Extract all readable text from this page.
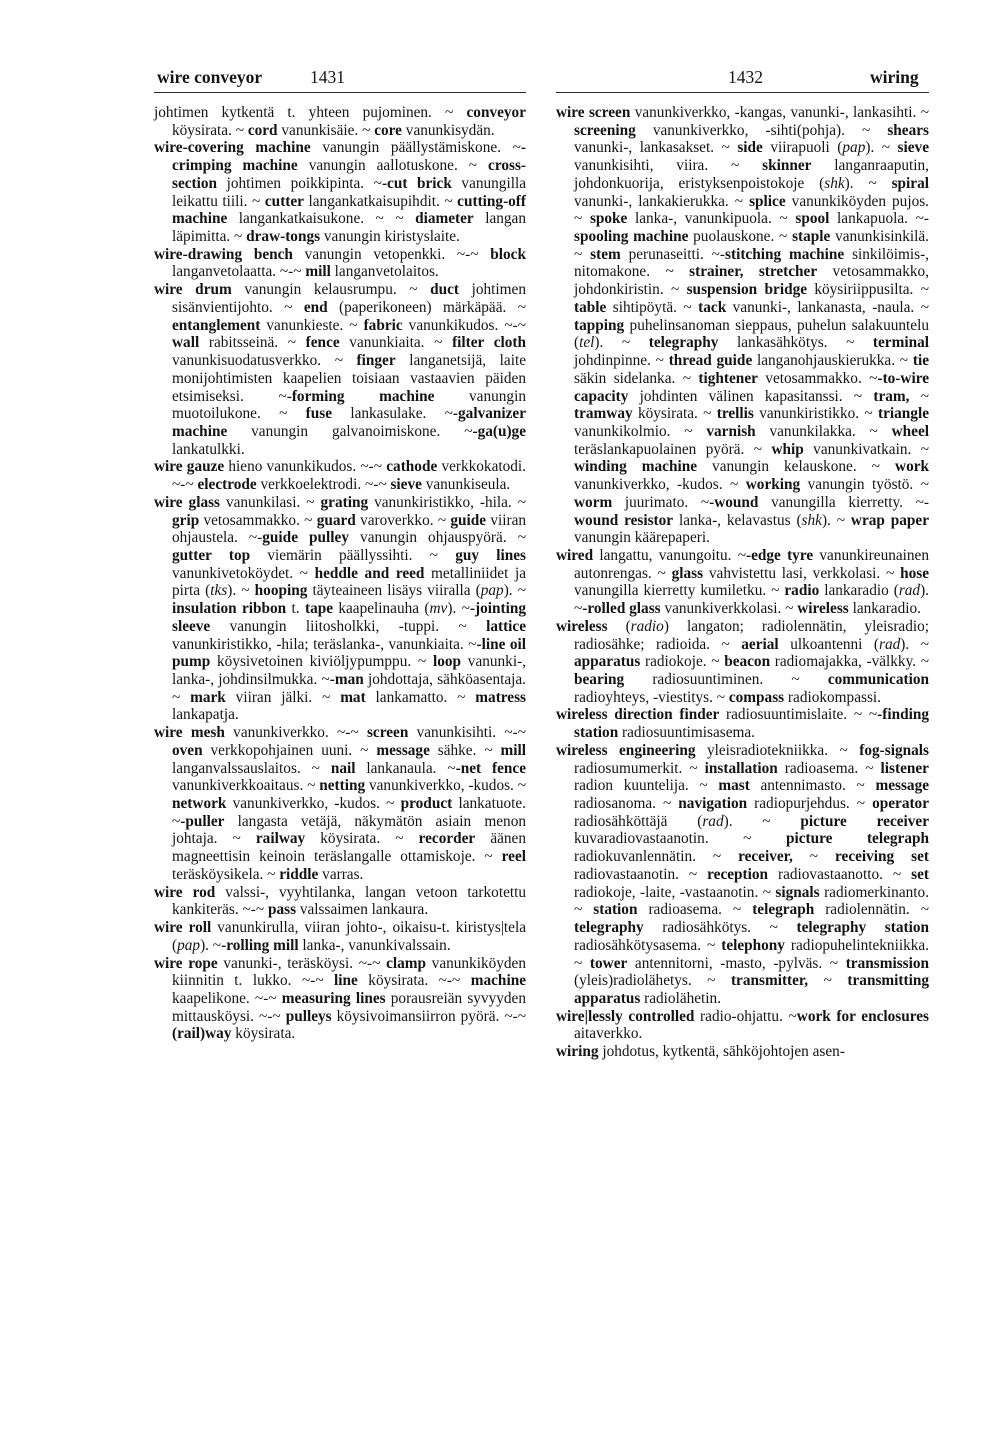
wire conveyor	1431	1432	wiring

johtimen kytkentä t. yhteen pujominen. ~ conveyor köysirata. ~ cord vanunkisäie. ~ core vanunkisydän.

wire-covering machine vanungin päällystämiskone. ~-crimping machine vanungin aallotuskone. ~ cross-section johtimen poikkipinta. ~-cut brick vanungilla leikattu tiili. ~ cutter langankatkaisupihdit. ~ cutting-off machine langankatkaisukone. ~ ~ diameter langan läpimitta. ~ draw-tongs vanungin kiristyslaite.

wire-drawing bench vanungin vetopenkki. ~-~ block langanvetolaatta. ~-~ mill langanvetolaitos.

wire drum vanungin kelausrumpu. ~ duct johtimen sisänvientijohto. ~ end (paperikoneen) märkäpää. ~ entanglement vanunkieste. ~ fabric vanunkikudos. ~-~ wall rabitsseinä. ~ fence vanunkiaita. ~ filter cloth vanunkisuodatusverkko. ~ finger langanetsijä, laite monijohtimisten kaapelien toisiaan vastaavien päiden etsimiseksi. ~-forming machine vanungin muotoilukone. ~ fuse lankasulake. ~-galvanizer machine vanungin galvanoimiskone. ~-ga(u)ge lankatulkki.

wire gauze hieno vanunkikudos. ~-~ cathode verkkokatodi. ~-~ electrode verkkoelektrodi. ~-~ sieve vanunkiseula.

wire glass vanunkilasi. ~ grating vanunkiristikko, -hila. ~ grip vetosammakko. ~ guard varoverkko. ~ guide viiran ohjaustela. ~-guide pulley vanungin ohjauspyörä. ~ gutter top viemärin päällyssihti. ~ guy lines vanunkivetoköydet. ~ heddle and reed metalliniidet ja pirta (tks). ~ hooping täyteaineen lisäys viiralla (pap). ~ insulation ribbon t. tape kaapelinauha (mv). ~-jointing sleeve vanungin liitosholkki, -tuppi. ~ lattice vanunkiristikko, -hila; teräslanka-, vanunkiaita. ~-line oil pump köysivetoinen kiviöljypumppu. ~ loop vanunki-, lanka-, johdinsilmukka. ~-man johdottaja, sähköasentaja. ~ mark viiran jälki. ~ mat lankamatto. ~ matress lankapatja.

wire mesh vanunkiverkko. ~-~ screen vanunkisihti. ~-~ oven verkkopohjainen uuni. ~ message sähke. ~ mill langanvalssauslaitos. ~ nail lankanaula. ~-net fence vanunkiverkkoaitaus. ~ netting vanunkiverkko, -kudos. ~ network vanunkiverkko, -kudos. ~ product lankatuote. ~-puller langasta vetäjä, näkymätön asiain menon johtaja. ~ railway köysirata. ~ recorder äänen magneettisin keinoin teräslangalle ottamiskoje. ~ reel teräsköysikela. ~ riddle varras.

wire rod valssi-, vyyhtilanka, langan vetoon tarkotettu kankiteräs. ~-~ pass valssaimen lankaura.

wire roll vanunkirulla, viiran johto-, oikaisu-t. kiristys|tela (pap). ~-rolling mill lanka-, vanunkivalssain.

wire rope vanunki-, teräsköysi. ~-~ clamp vanunkiköyden kiinnitin t. lukko. ~-~ line köysirata. ~-~ machine kaapelikone. ~-~ measuring lines porausreiän syvyyden mittausköysi. ~-~ pulleys köysivoimansiirron pyörä. ~-~ (rail)way köysirata.

wire screen vanunkiverkko, -kangas, vanunki-, lankasihti. ~ screening vanunkiverkko, -sihti(pohja). ~ shears vanunki-, lankasakset. ~ side viirapuoli (pap). ~ sieve vanunkisihti, viira. ~ skinner langanraaputin, johdonkuorija, eristyksenpoistokoje (shk). ~ spiral vanunki-, lankakierukka. ~ splice vanunkiköyden pujos. ~ spoke lanka-, vanunkipuola. ~ spool lankapuola. ~-spooling machine puolauskone. ~ staple vanunkisinkilä. ~ stem perunaseitti. ~-stitching machine sinkilöimis-, nitomakone. ~ strainer, stretcher vetosammakko, johdonkiristin. ~ suspension bridge köysiriippusilta. ~ table sihtipöytä. ~ tack vanunki-, lankanasta, -naula. ~ tapping puhelinsanoman sieppaus, puhelun salakuuntelu (tel). ~ telegraphy lankasähkötys. ~ terminal johdinpinne. ~ thread guide langanohjauskierukka. ~ tie säkin sidelanka. ~ tightener vetosammakko. ~-to-wire capacity johdinten välinen kapasitanssi. ~ tram, ~ tramway köysirata. ~ trellis vanunkiristikko. ~ triangle vanunkikolmio. ~ varnish vanunkilakka. ~ wheel teräslankapuolainen pyörä. ~ whip vanunkivatkain. ~ winding machine vanungin kelauskone. ~ work vanunkiverkko, -kudos. ~ working vanungin työstö. ~ worm juurimato. ~-wound vanungilla kierretty. ~-wound resistor lanka-, kelavastus (shk). ~ wrap paper vanungin käärepaperi.

wired langattu, vanungoitu. ~-edge tyre vanunkireunainen autonrengas. ~ glass vahvistettu lasi, verkkolasi. ~ hose vanungilla kierretty kumiletku. ~ radio lankaradio (rad). ~-rolled glass vanunkiverkkolasi. ~ wireless lankaradio.

wireless (radio) langaton; radiolennätin, yleisradio; radiosähke; radioida. ~ aerial ulkoantenni (rad). ~ apparatus radiokoje. ~ beacon radiomajakka, -välkky. ~ bearing radiosuuntiminen. ~ communication radioyhteys, -viestitys. ~ compass radiokompassi.

wireless direction finder radiosuuntimislaite. ~ ~-finding station radiosuuntimisasema.

wireless engineering yleisradiotekniikka. ~ fog-signals radiosumumerkit. ~ installation radioasema. ~ listener radion kuuntelija. ~ mast antennimasto. ~ message radiosanoma. ~ navigation radiopurjehdus. ~ operator radiosähköttäjä (rad). ~ picture receiver kuvaradiovastaanotin. ~ picture telegraph radiokuvanlennätin. ~ receiver, ~ receiving set radiovastaanotin. ~ reception radiovastaanotto. ~ set radiokoje, -laite, -vastaanotin. ~ signals radiomerkinanto. ~ station radioasema. ~ telegraph radiolennätin. ~ telegraphy radiosähkötys. ~ telegraphy station radiosähkötysasema. ~ telephony radiopuhelintekniikka. ~ tower antennitorni, -masto, -pylväs. ~ transmission (yleis)radiolähetys. ~ transmitter, ~ transmitting apparatus radiolähetin.

wire|lessly controlled radio-ohjattu. ~work for enclosures aitaverkko.

wiring johdotus, kytkentä, sähköjohtojen asen-
